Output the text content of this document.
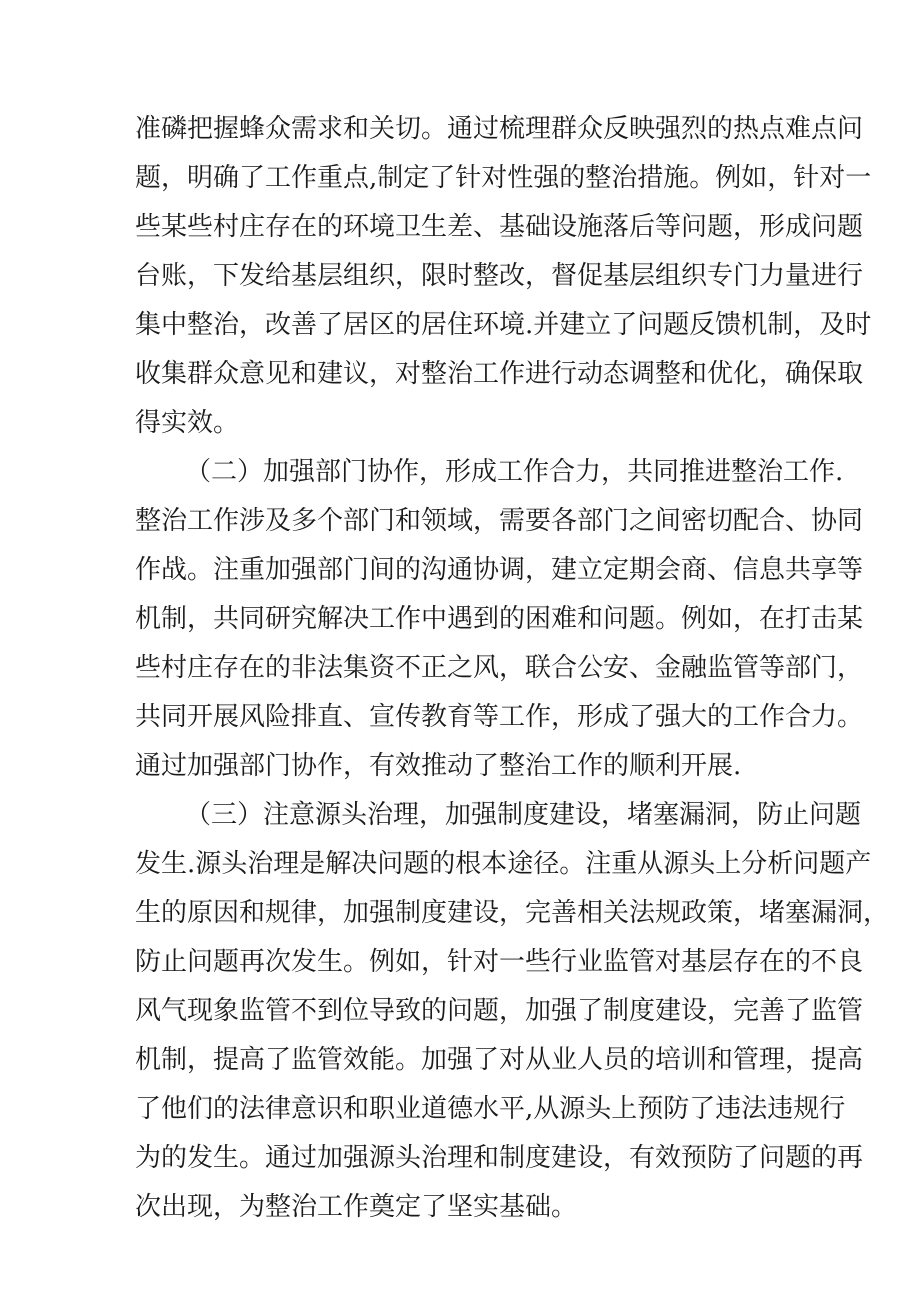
准磷把握蜂众需求和关切。通过梳理群众反映强烈的热点难点问
题，明确了工作重点,制定了针对性强的整治措施。例如，针对一
些某些村庄存在的环境卫生差、基础设施落后等问题，形成问题
台账，下发给基层组织，限时整改，督促基层组织专门力量进行
集中整治，改善了居区的居住环境.并建立了问题反馈机制，及时
收集群众意见和建议，对整治工作进行动态调整和优化，确保取
得实效。
（二）加强部门协作，形成工作合力，共同推进整治工作.
整治工作涉及多个部门和领域，需要各部门之间密切配合、协同
作战。注重加强部门间的沟通协调，建立定期会商、信息共享等
机制，共同研究解决工作中遇到的困难和问题。例如，在打击某
些村庄存在的非法集资不正之风，联合公安、金融监管等部门，
共同开展风险排直、宣传教育等工作，形成了强大的工作合力。
通过加强部门协作，有效推动了整治工作的顺利开展.
（三）注意源头治理，加强制度建设，堵塞漏洞，防止问题
发生.源头治理是解决问题的根本途径。注重从源头上分析问题产
生的原因和规律，加强制度建设，完善相关法规政策，堵塞漏洞，
防止问题再次发生。例如，针对一些行业监管对基层存在的不良
风气现象监管不到位导致的问题，加强了制度建设，完善了监管
机制，提高了监管效能。加强了对从业人员的培训和管理，提高
了他们的法律意识和职业道德水平,从源头上预防了违法违规行
为的发生。通过加强源头治理和制度建设，有效预防了问题的再
次出现，为整治工作奠定了坚实基础。
